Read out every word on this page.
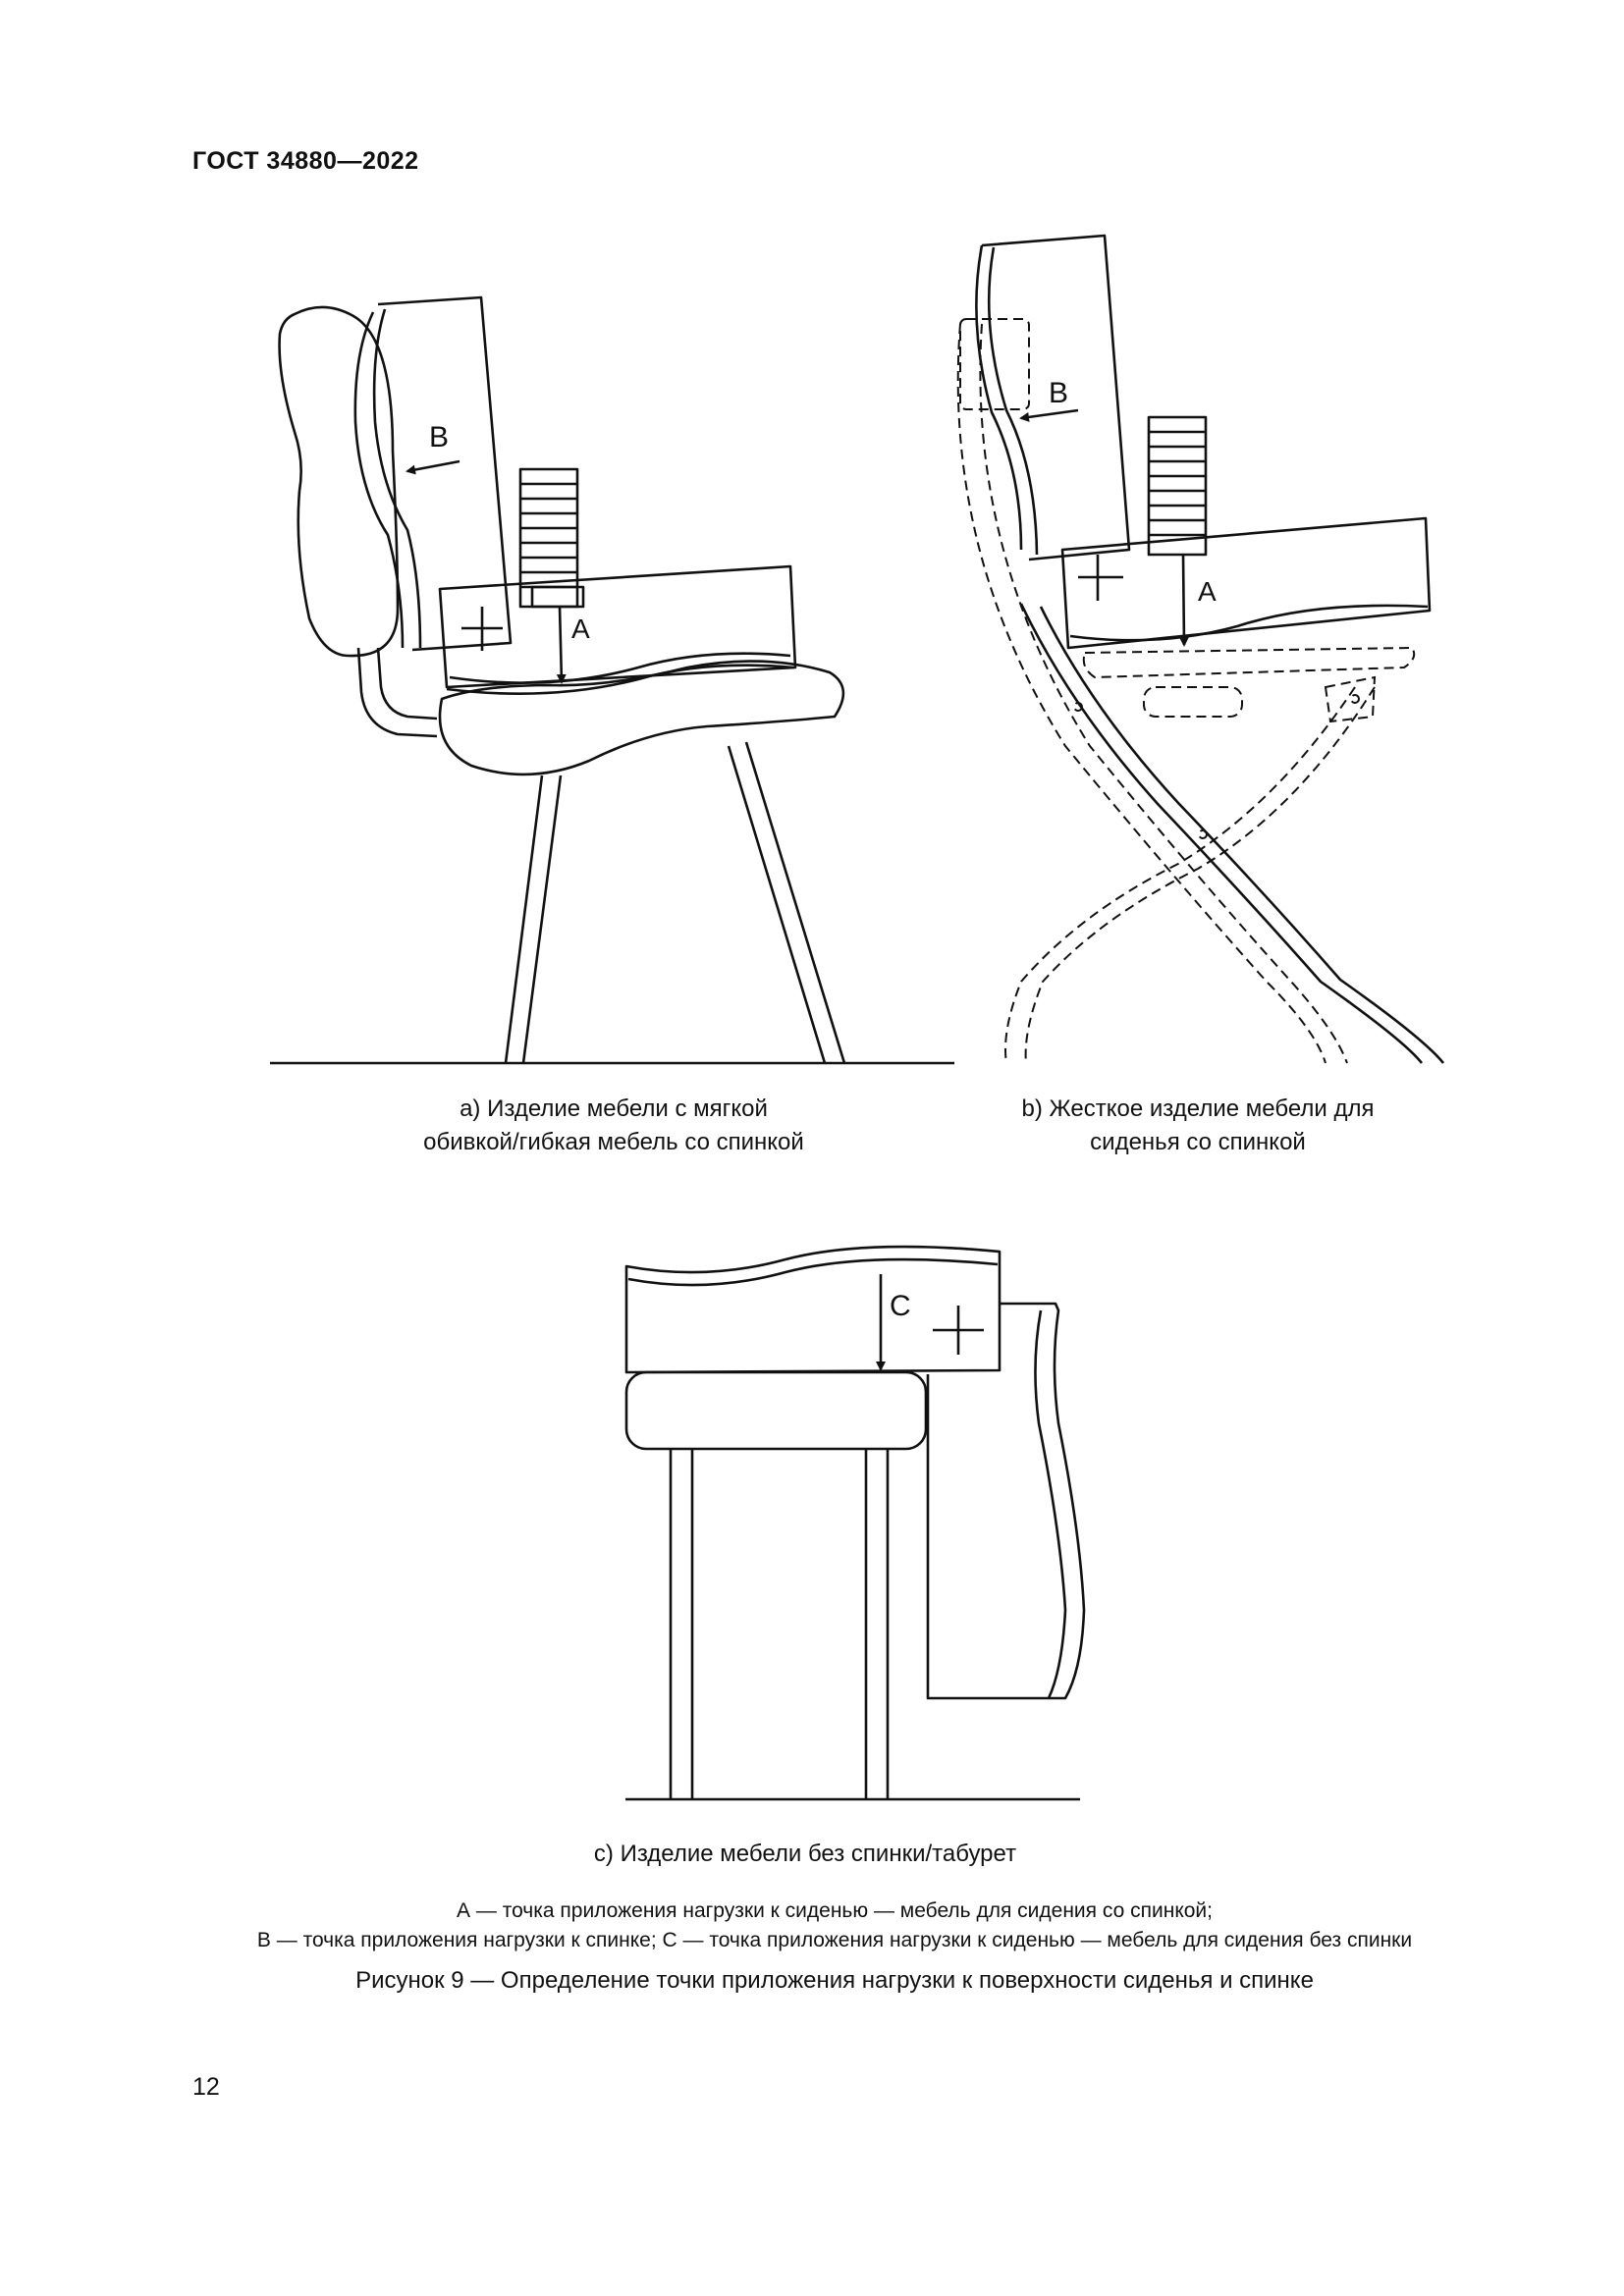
ГОСТ 34880—2022
B
A
B
A
C
а) Изделие мебели с мягкой
обивкой/гибкая мебель со спинкой
b) Жесткое изделие мебели для
сиденья со спинкой
с) Изделие мебели без спинки/табурет
А — точка приложения нагрузки к сиденью — мебель для сидения со спинкой;
В — точка приложения нагрузки к спинке; С — точка приложения нагрузки к сиденью — мебель для сидения без спинки
Рисунок 9 — Определение точки приложения нагрузки к поверхности сиденья и спинке
12
